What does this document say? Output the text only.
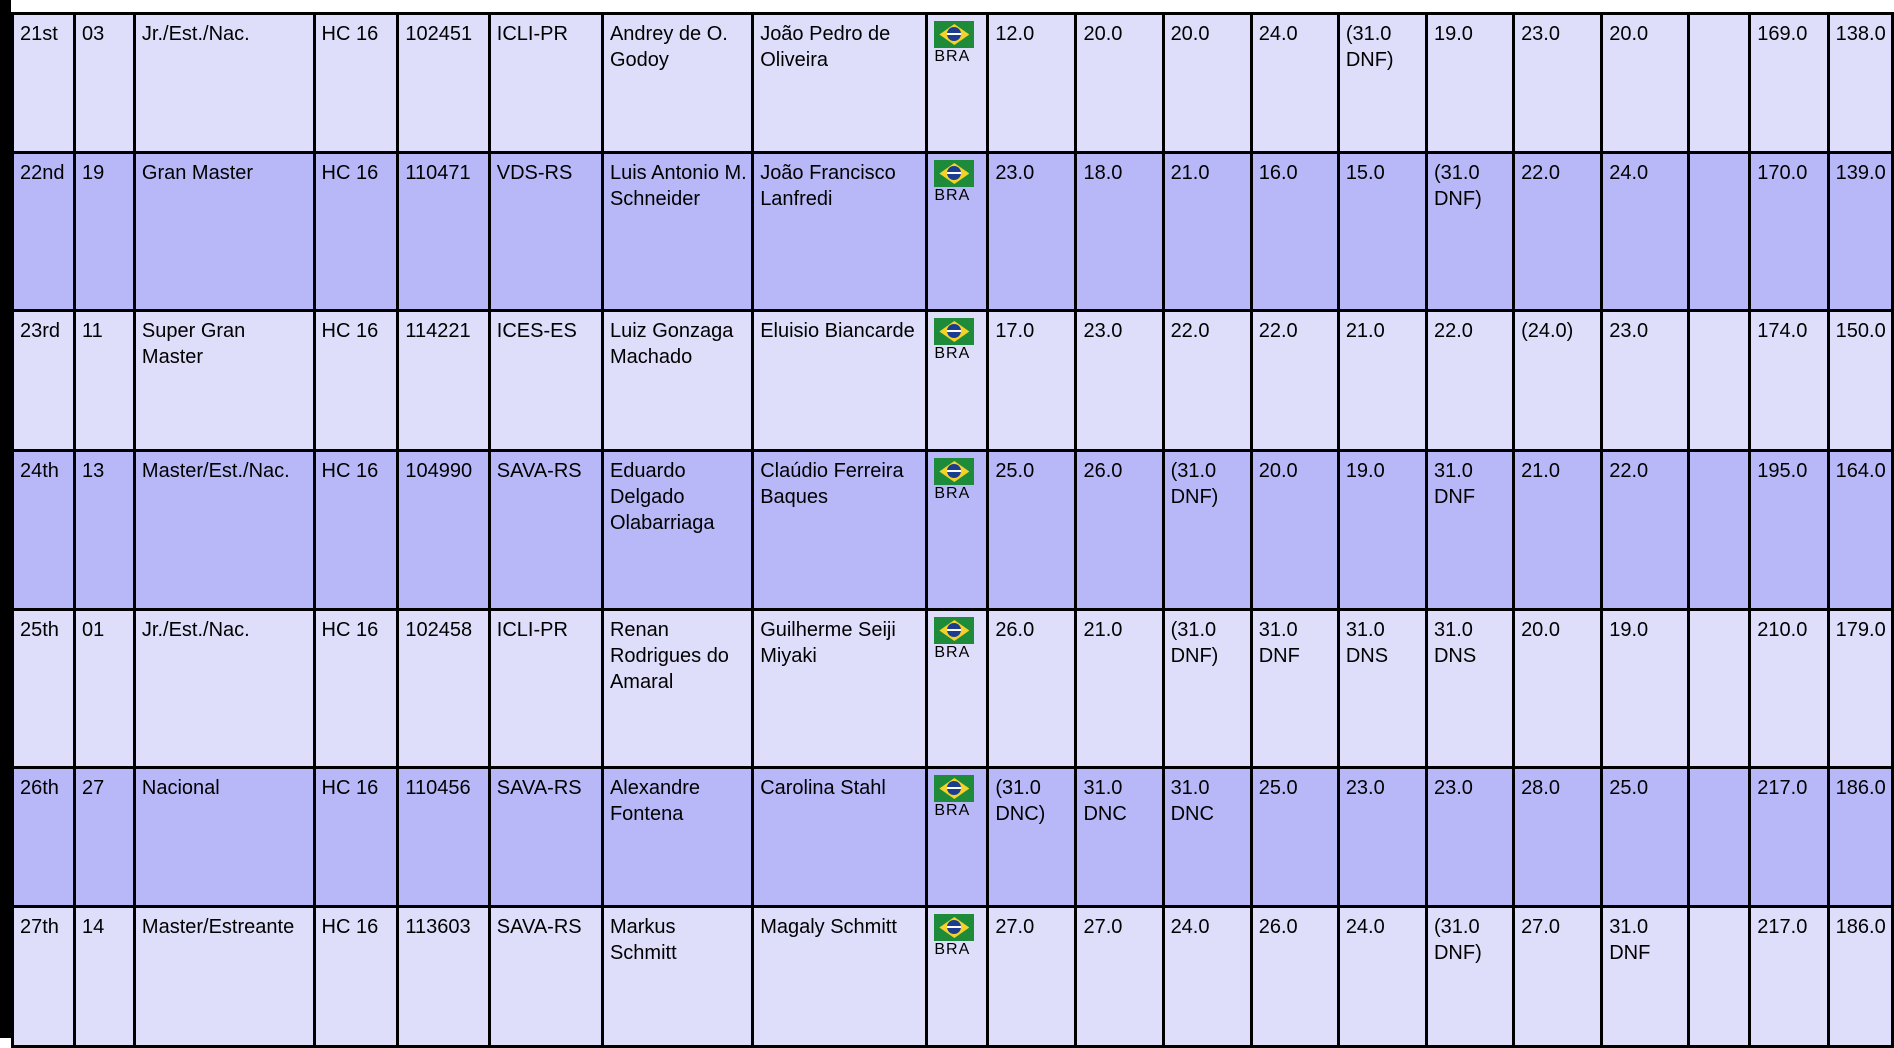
21st	03	Jr./Est./Nac.	HC 16	102451	ICLI-PR	Andrey de O. Godoy	João Pedro de Oliveira	BRA	12.0	20.0	20.0	24.0	(31.0 DNF)	19.0	23.0	20.0		169.0	138.0

22nd	19	Gran Master	HC 16	110471	VDS-RS	Luis Antonio M. Schneider	João Francisco Lanfredi	BRA	23.0	18.0	21.0	16.0	15.0	(31.0 DNF)	22.0	24.0		170.0	139.0

23rd	11	Super Gran Master	HC 16	114221	ICES-ES	Luiz Gonzaga Machado	Eluisio Biancarde	BRA	17.0	23.0	22.0	22.0	21.0	22.0	(24.0)	23.0		174.0	150.0

24th	13	Master/Est./Nac.	HC 16	104990	SAVA-RS	Eduardo Delgado Olabarriaga	Claúdio Ferreira Baques	BRA	25.0	26.0	(31.0 DNF)	20.0	19.0	31.0 DNF	21.0	22.0		195.0	164.0

25th	01	Jr./Est./Nac.	HC 16	102458	ICLI-PR	Renan Rodrigues do Amaral	Guilherme Seiji Miyaki	BRA	26.0	21.0	(31.0 DNF)	31.0 DNF	31.0 DNS	31.0 DNS	20.0	19.0		210.0	179.0

26th	27	Nacional	HC 16	110456	SAVA-RS	Alexandre Fontena	Carolina Stahl	BRA	(31.0 DNC)	31.0 DNC	31.0 DNC	25.0	23.0	23.0	28.0	25.0		217.0	186.0

27th	14	Master/Estreante	HC 16	113603	SAVA-RS	Markus Schmitt	Magaly Schmitt	BRA	27.0	27.0	24.0	26.0	24.0	(31.0 DNF)	27.0	31.0 DNF		217.0	186.0
